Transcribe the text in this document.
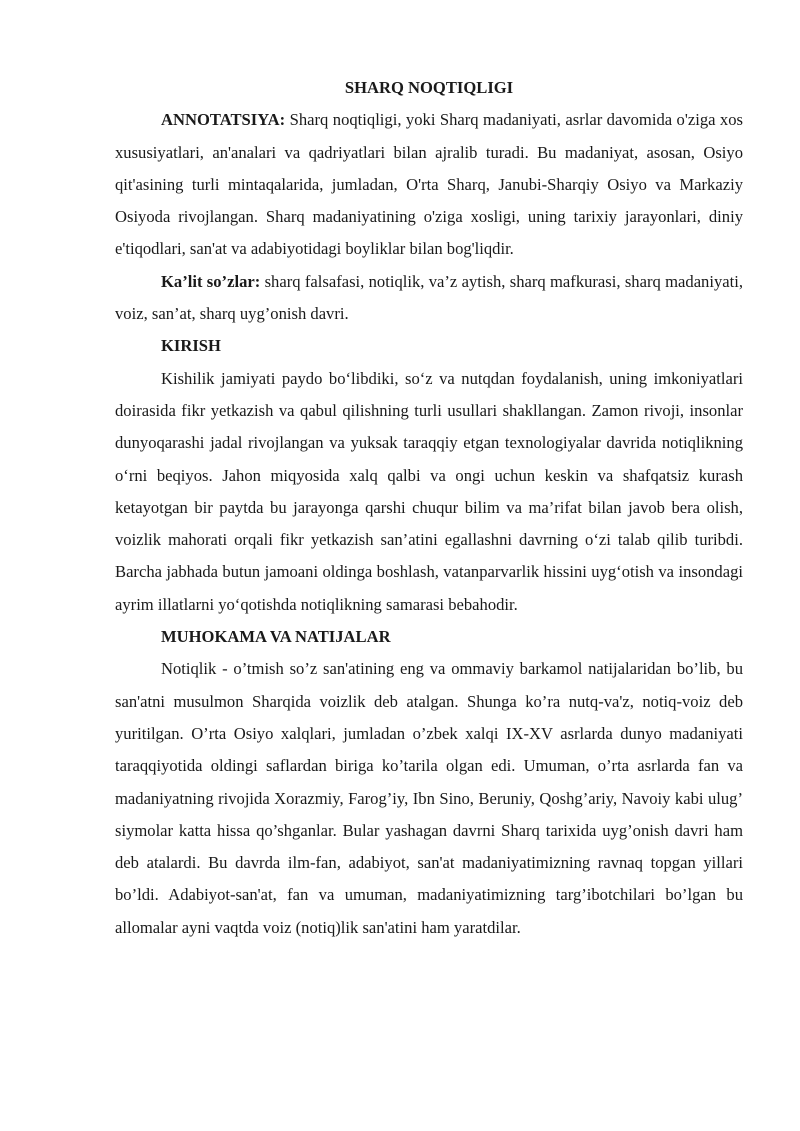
SHARQ NOQTIQLIGI

ANNOTATSIYA: Sharq noqtiqligi, yoki Sharq madaniyati, asrlar davomida o'ziga xos xususiyatlari, an'analari va qadriyatlari bilan ajralib turadi. Bu madaniyat, asosan, Osiyo qit'asining turli mintaqalarida, jumladan, O'rta Sharq, Janubi-Sharqiy Osiyo va Markaziy Osiyoda rivojlangan. Sharq madaniyatining o'ziga xosligi, uning tarixiy jarayonlari, diniy e'tiqodlari, san'at va adabiyotidagi boyliklar bilan bog'liqdir.

Ka’lit so’zlar: sharq falsafasi, notiqlik, va’z aytish, sharq mafkurasi, sharq madaniyati, voiz, san’at, sharq uyg’onish davri.

KIRISH

Kishilik jamiyati paydo bo‘libdiki, so‘z va nutqdan foydalanish, uning imkoniyatlari doirasida fikr yetkazish va qabul qilishning turli usullari shakllangan. Zamon rivoji, insonlar dunyoqarashi jadal rivojlangan va yuksak taraqqiy etgan texnologiyalar davrida notiqlikning o‘rni beqiyos. Jahon miqyosida xalq qalbi va ongi uchun keskin va shafqatsiz kurash ketayotgan bir paytda bu jarayonga qarshi chuqur bilim va ma’rifat bilan javob bera olish, voizlik mahorati orqali fikr yetkazish san’atini egallashni davrning o‘zi talab qilib turibdi. Barcha jabhada butun jamoani oldinga boshlash, vatanparvarlik hissini uyg‘otish va insondagi ayrim illatlarni yo‘qotishda notiqlikning samarasi bebahodir.

MUHOKAMA VA NATIJALAR

Notiqlik - o’tmish so’z san'atining eng va ommaviy barkamol natijalaridan bo’lib, bu san'atni musulmon Sharqida voizlik deb atalgan. Shunga ko’ra nutq-va'z, notiq-voiz deb yuritilgan. O’rta Osiyo xalqlari, jumladan o’zbek xalqi IX-XV asrlarda dunyo madaniyati taraqqiyotida oldingi saflardan biriga ko’tarila olgan edi. Umuman, o’rta asrlarda fan va madaniyatning rivojida Xorazmiy, Farog’iy, Ibn Sino, Beruniy, Qoshg’ariy, Navoiy kabi ulug’ siymolar katta hissa qo’shganlar. Bular yashagan davrni Sharq tarixida uyg’onish davri ham deb atalardi. Bu davrda ilm-fan, adabiyot, san'at madaniyatimizning ravnaq topgan yillari bo’ldi. Adabiyot-san'at, fan va umuman, madaniyatimizning targ’ibotchilari bo’lgan bu allomalar ayni vaqtda voiz (notiq)lik san'atini ham yaratdilar.
